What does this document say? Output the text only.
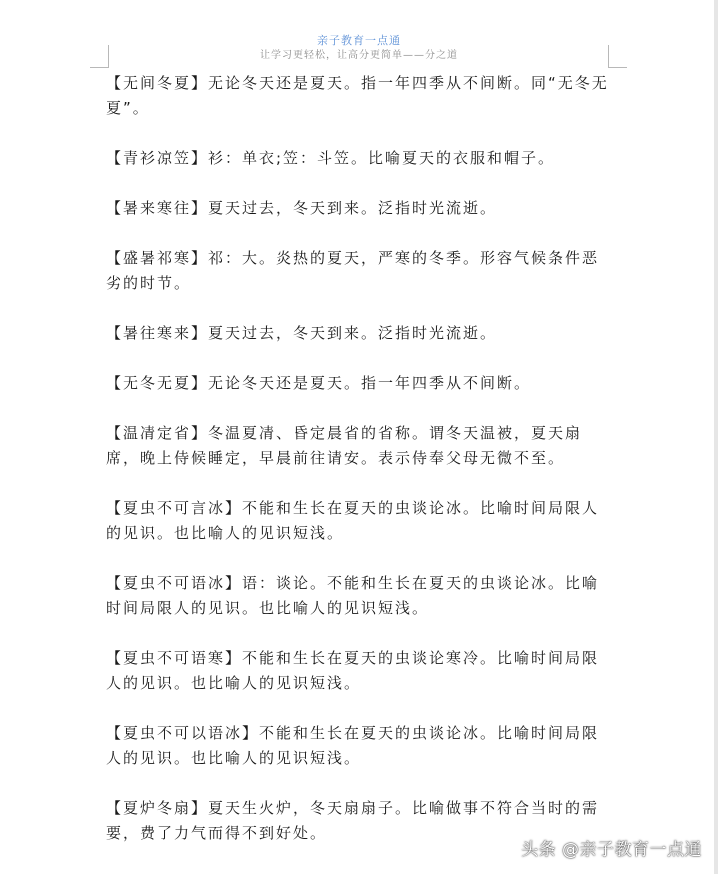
亲子教育一点通
让学习更轻松，让高分更简单——分之道

【无间冬夏】无论冬天还是夏天。指一年四季从不间断。同“无冬无夏”。

【青衫凉笠】衫：单衣;笠：斗笠。比喻夏天的衣服和帽子。

【暑来寒往】夏天过去，冬天到来。泛指时光流逝。

【盛暑祁寒】祁：大。炎热的夏天，严寒的冬季。形容气候条件恶劣的时节。

【暑往寒来】夏天过去，冬天到来。泛指时光流逝。

【无冬无夏】无论冬天还是夏天。指一年四季从不间断。

【温凊定省】冬温夏凊、昏定晨省的省称。谓冬天温被，夏天扇席，晚上侍候睡定，早晨前往请安。表示侍奉父母无微不至。

【夏虫不可言冰】不能和生长在夏天的虫谈论冰。比喻时间局限人的见识。也比喻人的见识短浅。

【夏虫不可语冰】语：谈论。不能和生长在夏天的虫谈论冰。比喻时间局限人的见识。也比喻人的见识短浅。

【夏虫不可语寒】不能和生长在夏天的虫谈论寒冷。比喻时间局限人的见识。也比喻人的见识短浅。

【夏虫不可以语冰】不能和生长在夏天的虫谈论冰。比喻时间局限人的见识。也比喻人的见识短浅。

【夏炉冬扇】夏天生火炉，冬天扇扇子。比喻做事不符合当时的需要，费了力气而得不到好处。

头条 @亲子教育一点通
